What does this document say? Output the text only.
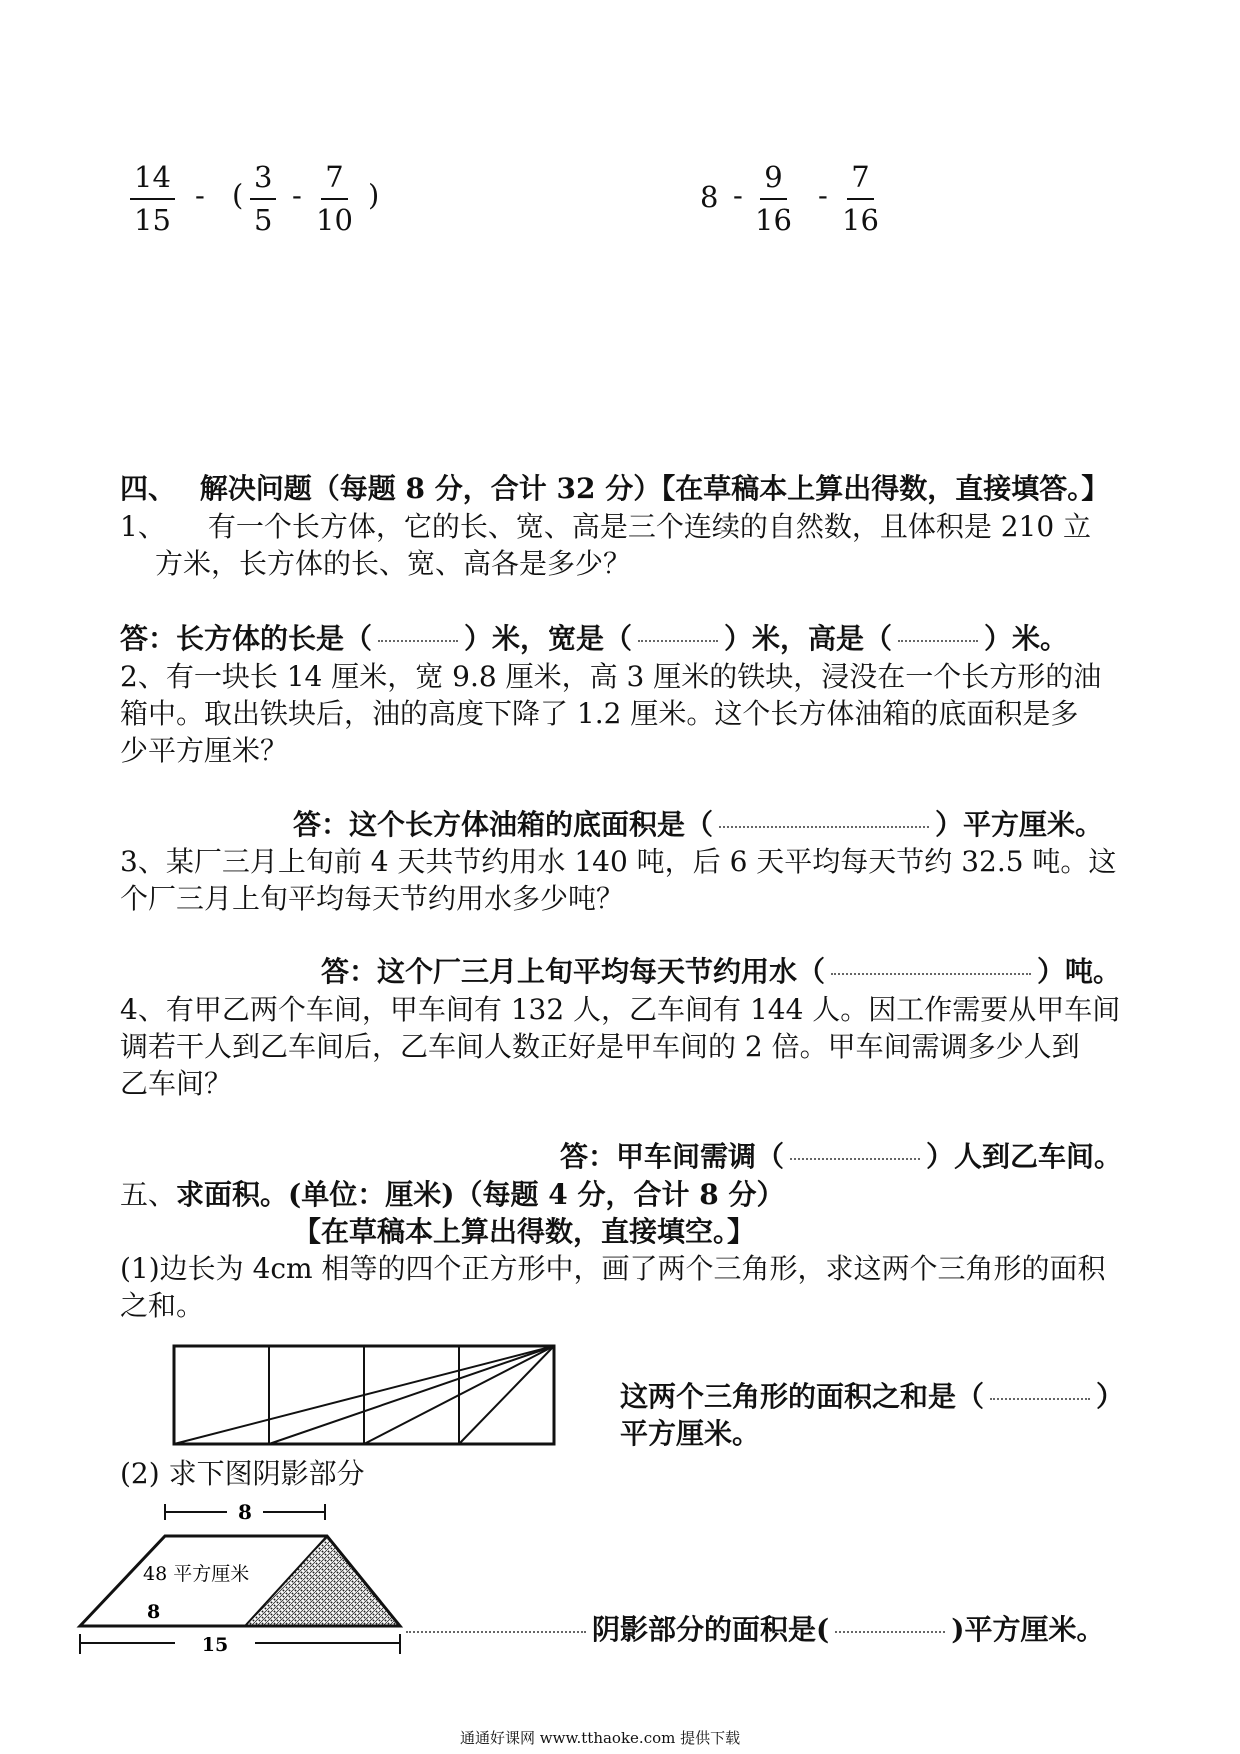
$\frac{14}{15}$ - ( $\frac{3}{5} - \frac{7}{10}$ )	$8 - \frac{9}{16} - \frac{7}{16}$
四、　 解决问题（每题 8 分，合计 32 分）【在草稿本上算出得数，直接填答。】
1、　　有一个长方体，它的长、宽、高是三个连续的自然数，且体积是 210 立
方米，长方体的长、宽、高各是多少？
答：长方体的长是（	）米，宽是（	）米，高是（	）米。
2、有一块长 14 厘米，宽 9.8 厘米，高 3 厘米的铁块，浸没在一个长方形的油
箱中。取出铁块后，油的高度下降了 1.2 厘米。这个长方体油箱的底面积是多
少平方厘米？
答：这个长方体油箱的底面积是（	）平方厘米。
3、某厂三月上旬前 4 天共节约用水 140 吨，后 6 天平均每天节约 32.5 吨。这
个厂三月上旬平均每天节约用水多少吨？
答：这个厂三月上旬平均每天节约用水（	）吨。
4、有甲乙两个车间，甲车间有 132 人，乙车间有 144 人。因工作需要从甲车间
调若干人到乙车间后，乙车间人数正好是甲车间的 2 倍。甲车间需调多少人到
乙车间？
答：甲车间需调（	）人到乙车间。
五、求面积。(单位：厘米)（每题 4 分，合计 8 分）
【在草稿本上算出得数，直接填空。】
(1)边长为 4cm 相等的四个正方形中，画了两个三角形，求这两个三角形的面积
之和。
这两个三角形的面积之和是（	）
平方厘米。
(2) 求下图阴影部分
8
48 平方厘米
8
15	阴影部分的面积是(	)平方厘米。
通通好课网 www.tthaoke.com 提供下载
